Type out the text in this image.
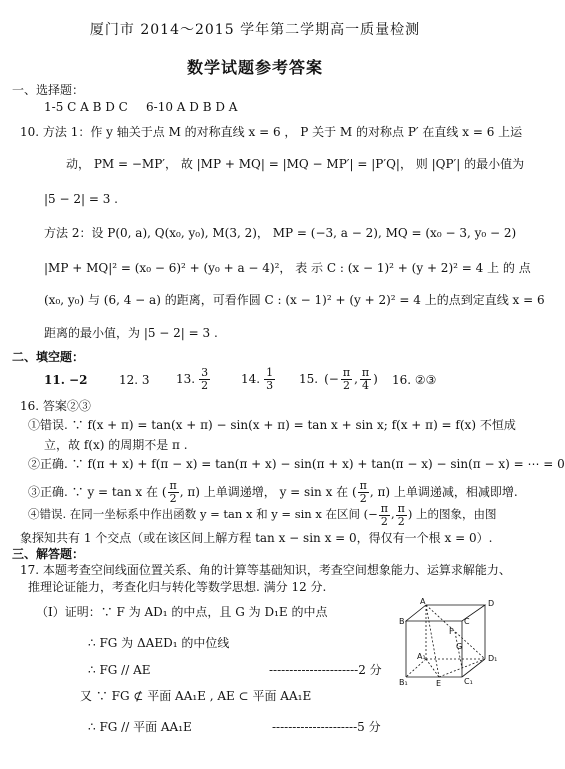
厦门市 2014～2015 学年第二学期高一质量检测
数学试题参考答案
一、选择题：
1-5 C A B D C 6-10 A D B D A
10. 方法 1：作 y 轴关于点 M 的对称直线 x = 6 ， P 关于 M 的对称点 P′ 在直线 x = 6 上运
动， PM = −MP′， 故 |MP + MQ| = |MQ − MP′| = |P′Q|， 则 |QP′| 的最小值为
|5 − 2| = 3 .
方法 2：设 P(0, a), Q(x₀, y₀), M(3, 2)， MP = (−3, a − 2), MQ = (x₀ − 3, y₀ − 2)
|MP + MQ|² = (x₀ − 6)² + (y₀ + a − 4)²， 表 示 C : (x − 1)² + (y + 2)² = 4 上 的 点
(x₀, y₀) 与 (6, 4 − a) 的距离，可看作圆 C : (x − 1)² + (y + 2)² = 4 上的点到定直线 x = 6
距离的最小值，为 |5 − 2| = 3 .
二、填空题：
11. −2	12. 3 13. $\frac{3}{2}$	14. $\frac{1}{3} 15$. (− $\frac{\pi}{2}$ , $\frac{\pi}{4}$ ) 16. ②③
16. 答案②③
①错误. ∵ f(x + π) = tan(x + π) − sin(x + π) = tan x + sin x; f(x + π) = f(x) 不恒成
立，故 f(x) 的周期不是 π .
②正确. ∵ f(π + x) + f(π − x) = tan(π + x) − sin(π + x) + tan(π − x) − sin(π − x) = ⋯ = 0
③正确. ∵ y = tan x 在 ( $\frac{\pi}{2}$ , π) 上单调递增， y = sin x 在 ( $\frac{\pi}{2}$ , π) 上单调递减，相减即增.
④错误. 在同一坐标系中作出函数 y = tan x 和 y = sin x 在区间 (− $\frac{\pi}{2}$ , $\frac{\pi}{2}$ ) 上的图象，由图
象探知共有 1 个交点（或在该区间上解方程 tan x − sin x = 0，得仅有一个根 x = 0）.
三、解答题：
17. 本题考查空间线面位置关系、角的计算等基础知识，考查空间想象能力、运算求解能力、
推理论证能力，考查化归与转化等数学思想. 满分 12 分.
（Ⅰ）证明：∵ F 为 AD₁ 的中点，且 G 为 D₁E 的中点
∴ FG 为 ΔAED₁ 的中位线
∴ FG // AE	----------------------2 分
又 ∵ FG ⊄ 平面 AA₁E , AE ⊂ 平面 AA₁E
∴ FG // 平面 AA₁E	---------------------5 分
A	D
B	C
F
G
A₁	D₁
B₁	E	C₁
